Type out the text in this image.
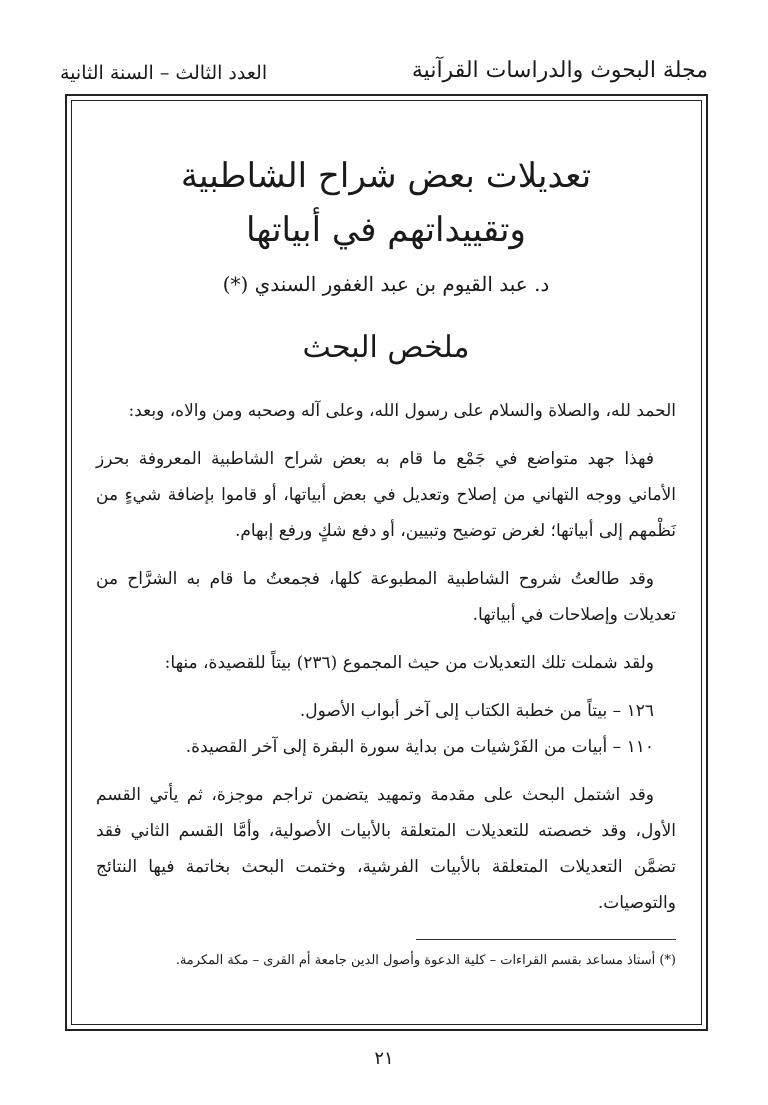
العدد الثالث – السنة الثانية	مجلة البحوث والدراسات القرآنية
تعديلات بعض شراح الشاطبية
وتقييداتهم في أبياتها
د. عبد القيوم بن عبد الغفور السندي (*)
ملخص البحث

الحمد لله، والصلاة والسلام على رسول الله، وعلى آله وصحبه ومن والاه، وبعد:

فهذا جهد متواضع في جَمْع ما قام به بعض شراح الشاطبية المعروفة بحرز الأماني ووجه التهاني من إصلاح وتعديل في بعض أبياتها، أو قاموا بإضافة شيءٍ من نَظْمهم إلى أبياتها؛ لغرض توضيح وتبيين، أو دفع شكٍ ورفع إبهام.

وقد طالعتُ شروح الشاطبية المطبوعة كلها، فجمعتُ ما قام به الشرَّاح من تعديلات وإصلاحات في أبياتها.

ولقد شملت تلك التعديلات من حيث المجموع (٢٣٦) بيتاً للقصيدة، منها:

١٢٦ – بيتاً من خطبة الكتاب إلى آخر أبواب الأصول.

١١٠ – أبيات من الفَرْشيات من بداية سورة البقرة إلى آخر القصيدة.

وقد اشتمل البحث على مقدمة وتمهيد يتضمن تراجم موجزة، ثم يأتي القسم الأول، وقد خصصته للتعديلات المتعلقة بالأبيات الأصولية، وأمَّا القسم الثاني فقد تضمَّن التعديلات المتعلقة بالأبيات الفرشية، وختمت البحث بخاتمة فيها النتائج والتوصيات.

(*) أستاذ مساعد بقسم القراءات – كلية الدعوة وأصول الدين جامعة أم القرى – مكة المكرمة.
٢١
